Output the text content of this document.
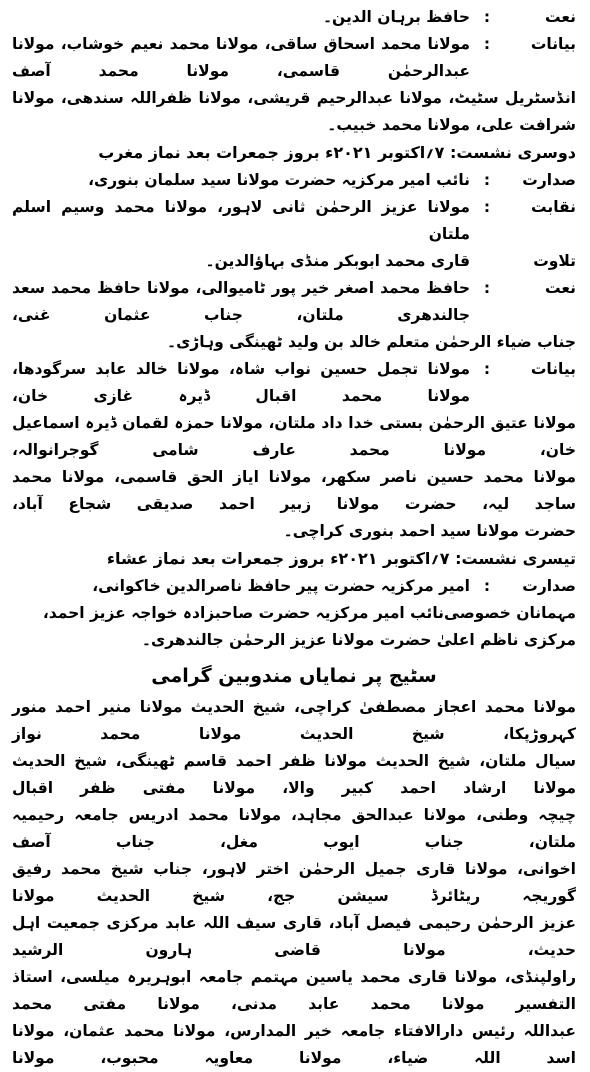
نعت
:
حافظ برہان الدین۔
بیانات
:
مولانا محمد اسحاق ساقی، مولانا محمد نعیم خوشاب، مولانا عبدالرحمٰن قاسمی، مولانا محمد آصف
انڈسٹریل سٹیٹ، مولانا عبدالرحیم قریشی، مولانا ظفراللہ سندھی، مولانا شرافت علی، مولانا محمد خبیب۔
دوسری نشست: ۷؍اکتوبر ۲۰۲۱ء بروز جمعرات بعد نماز مغرب
صدارت
:
نائب امیر مرکزیہ حضرت مولانا سید سلمان بنوری،
نقابت
:
مولانا عزیز الرحمٰن ثانی لاہور، مولانا محمد وسیم اسلم ملتان
تلاوت
قاری محمد ابوبکر منڈی بہاؤالدین۔
نعت
:
حافظ محمد اصغر خیر پور ٹامیوالی، مولانا حافظ محمد سعد جالندھری ملتان، جناب عثمان غنی،
جناب ضیاء الرحمٰن متعلم خالد بن ولید ٹھینگی وہاڑی۔
بیانات
:
مولانا تجمل حسین نواب شاہ، مولانا خالد عابد سرگودھا، مولانا محمد اقبال ڈیرہ غازی خان،
مولانا عتیق الرحمٰن بستی خدا داد ملتان، مولانا حمزہ لقمان ڈیرہ اسماعیل خان، مولانا محمد عارف شامی گوجرانوالہ،
مولانا محمد حسین ناصر سکھر، مولانا ایاز الحق قاسمی، مولانا محمد ساجد لیہ، حضرت مولانا زبیر احمد صدیقی شجاع آباد،
حضرت مولانا سید احمد بنوری کراچی۔
تیسری نشست: ۷؍اکتوبر ۲۰۲۱ء بروز جمعرات بعد نماز عشاء
صدارت
:
امیر مرکزیہ حضرت پیر حافظ ناصرالدین خاکوانی،
مہمانان خصوصی
نائب امیر مرکزیہ حضرت صاحبزادہ خواجہ عزیز احمد،
مرکزی ناظم اعلیٰ حضرت مولانا عزیز الرحمٰن جالندھری۔
سٹیج پر نمایاں مندوبین گرامی
مولانا محمد اعجاز مصطفیٰ کراچی، شیخ الحدیث مولانا منیر احمد منور کہروڑپکا، شیخ الحدیث مولانا محمد نواز
سیال ملتان، شیخ الحدیث مولانا ظفر احمد قاسم ٹھینگی، شیخ الحدیث مولانا ارشاد احمد کبیر والا، مولانا مفتی ظفر اقبال
چیچہ وطنی، مولانا عبدالحق مجاہد، مولانا محمد ادریس جامعہ رحیمیہ ملتان، جناب ایوب مغل، جناب آصف
اخوانی، مولانا قاری جمیل الرحمٰن اختر لاہور، جناب شیخ محمد رفیق گوریجہ ریٹائرڈ سیشن جج، شیخ الحدیث مولانا
عزیز الرحمٰن رحیمی فیصل آباد، قاری سیف اللہ عابد مرکزی جمعیت اہل حدیث، مولانا قاضی ہارون الرشید
راولپنڈی، مولانا قاری محمد یاسین مہتمم جامعہ ابوہریرہ میلسی، استاذ التفسیر مولانا محمد عابد مدنی، مولانا مفتی محمد
عبداللہ رئیس دارالافتاء جامعہ خیر المدارس، مولانا محمد عثمان، مولانا اسد اللہ ضیاء، مولانا معاویہ محبوب، مولانا
